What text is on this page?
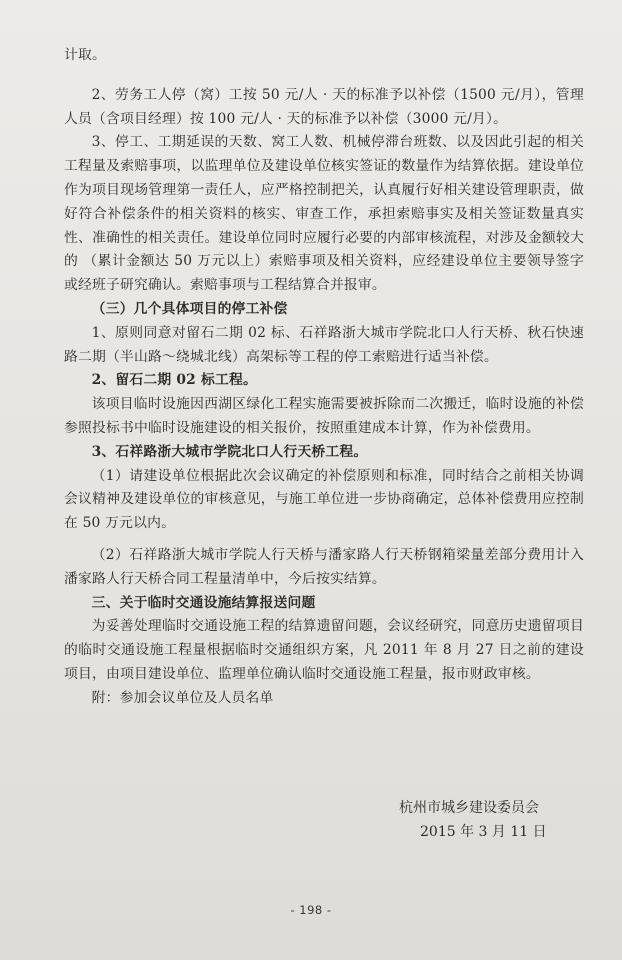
计取。

2、劳务工人停（窝）工按 50 元/人 · 天的标准予以补偿（1500 元/月），管理人员（含项目经理）按 100 元/人 · 天的标准予以补偿（3000 元/月）。

3、停工、工期延误的天数、窝工人数、机械停滞台班数、以及因此引起的相关工程量及索赔事项，以监理单位及建设单位核实签证的数量作为结算依据。建设单位作为项目现场管理第一责任人，应严格控制把关，认真履行好相关建设管理职责，做好符合补偿条件的相关资料的核实、审查工作，承担索赔事实及相关签证数量真实性、准确性的相关责任。建设单位同时应履行必要的内部审核流程，对涉及金额较大的 （累计金额达 50 万元以上）索赔事项及相关资料，应经建设单位主要领导签字或经班子研究确认。索赔事项与工程结算合并报审。

（三）几个具体项目的停工补偿

1、原则同意对留石二期 02 标、石祥路浙大城市学院北口人行天桥、秋石快速路二期（半山路～绕城北线）高架标等工程的停工索赔进行适当补偿。

2、留石二期 02 标工程。

该项目临时设施因西湖区绿化工程实施需要被拆除而二次搬迁，临时设施的补偿参照投标书中临时设施建设的相关报价，按照重建成本计算，作为补偿费用。

3、石祥路浙大城市学院北口人行天桥工程。

（1）请建设单位根据此次会议确定的补偿原则和标准，同时结合之前相关协调会议精神及建设单位的审核意见，与施工单位进一步协商确定，总体补偿费用应控制在 50 万元以内。

（2）石祥路浙大城市学院人行天桥与潘家路人行天桥钢箱梁量差部分费用计入潘家路人行天桥合同工程量清单中，今后按实结算。

三、关于临时交通设施结算报送问题

为妥善处理临时交通设施工程的结算遗留问题，会议经研究，同意历史遗留项目的临时交通设施工程量根据临时交通组织方案，凡 2011 年 8 月 27 日之前的建设项目，由项目建设单位、监理单位确认临时交通设施工程量，报市财政审核。

附：参加会议单位及人员名单

杭州市城乡建设委员会
2015 年 3 月 11 日
- 198 -
